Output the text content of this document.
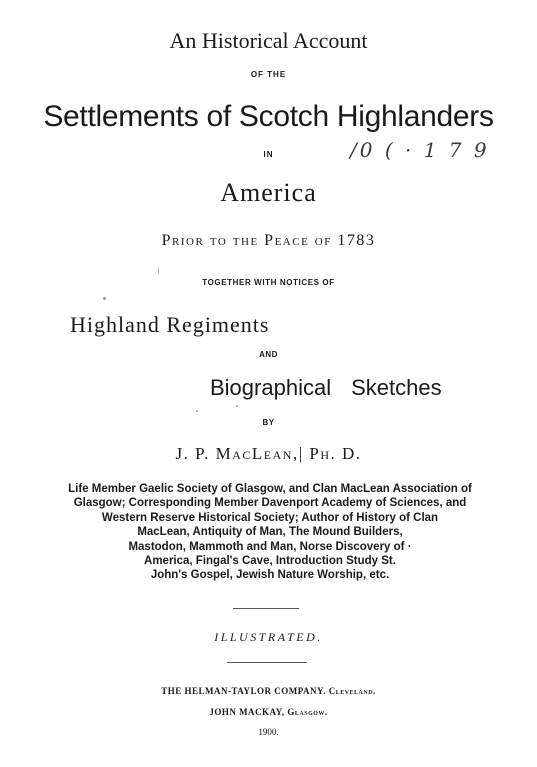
An Historical Account
OF THE
Settlements of Scotch Highlanders
IN	/0 ( · 1 7 9
America
Prior to the Peace of 1783
TOGETHER WITH NOTICES OF
Highland Regiments
AND
Biographical Sketches
BY
J. P. MacLean,| Ph. D.
Life Member Gaelic Society of Glasgow, and Clan MacLean Association of
Glasgow; Corresponding Member Davenport Academy of Sciences, and
Western Reserve Historical Society; Author of History of Clan
MacLean, Antiquity of Man, The Mound Builders,
Mastodon, Mammoth and Man, Norse Discovery of ·
America, Fingal's Cave, Introduction Study St.
John's Gospel, Jewish Nature Worship, etc.
ILLUSTRATED.
THE HELMAN-TAYLOR COMPANY. Cleveland.
JOHN MACKAY, Glasgow.
1900.
